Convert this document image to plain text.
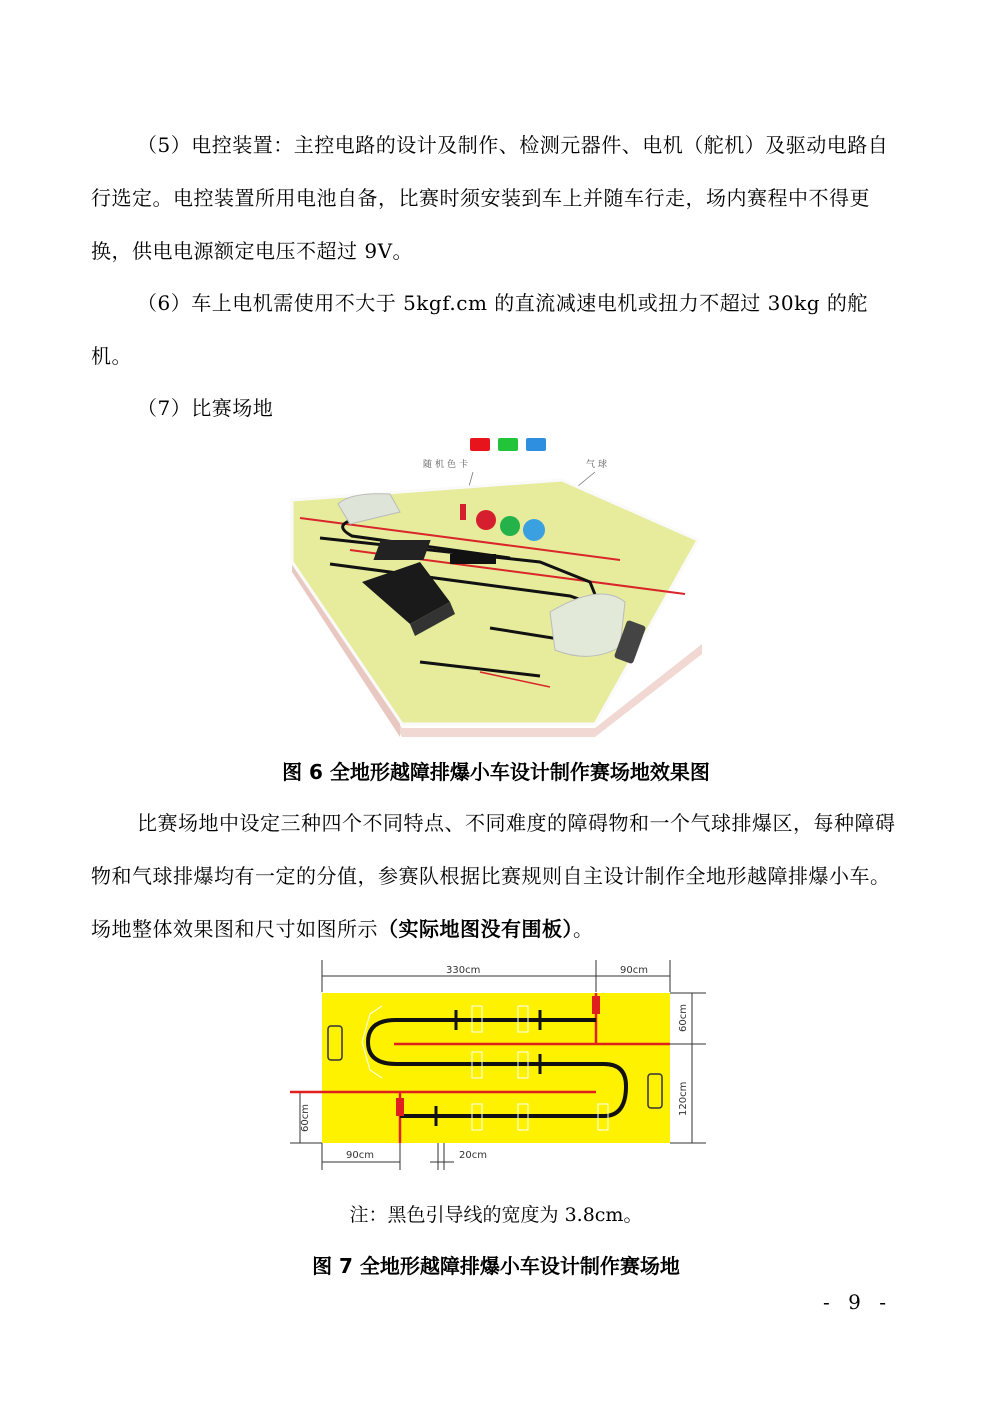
（5）电控装置：主控电路的设计及制作、检测元器件、电机（舵机）及驱动电路自行选定。电控装置所用电池自备，比赛时须安装到车上并随车行走，场内赛程中不得更换，供电电源额定电压不超过 9V。
（6）车上电机需使用不大于 5kgf.cm 的直流减速电机或扭力不超过 30kg 的舵机。
（7）比赛场地
随机色卡	气球
图 6 全地形越障排爆小车设计制作赛场地效果图
比赛场地中设定三种四个不同特点、不同难度的障碍物和一个气球排爆区，每种障碍物和气球排爆均有一定的分值，参赛队根据比赛规则自主设计制作全地形越障排爆小车。场地整体效果图和尺寸如图所示（实际地图没有围板）。
330cm	90cm
60cm
120cm
60cm
90cm	20cm
注：黑色引导线的宽度为 3.8cm。
图 7 全地形越障排爆小车设计制作赛场地
- 9 -
